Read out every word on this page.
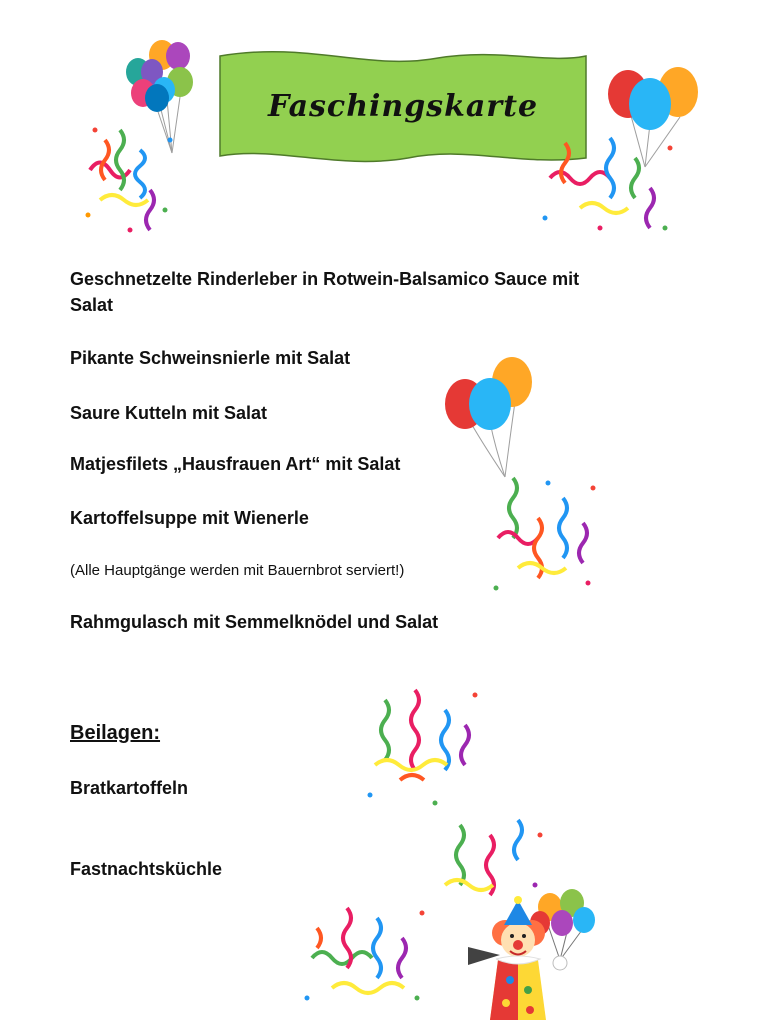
Faschingskarte

Geschnetzelte Rinderleber in Rotwein-Balsamico Sauce mit Salat

Pikante Schweinsnierle mit Salat

Saure Kutteln mit Salat

Matjesfilets „Hausfrauen Art“ mit Salat

Kartoffelsuppe mit Wienerle

(Alle Hauptgänge werden mit Bauernbrot serviert!)

Rahmgulasch mit Semmelknödel und Salat

Beilagen:

Bratkartoffeln

Fastnachtsküchle
